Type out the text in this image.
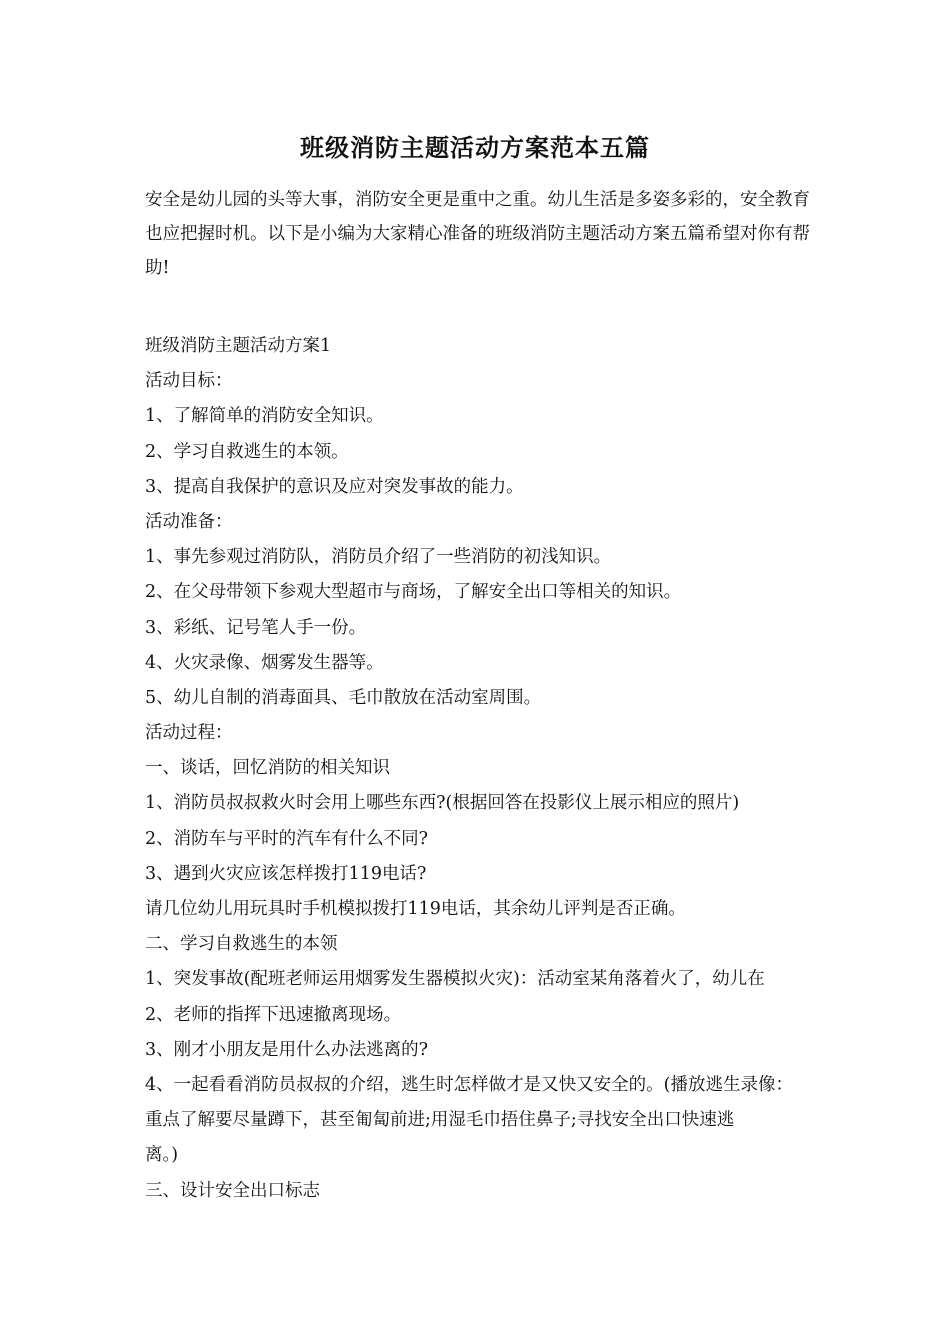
班级消防主题活动方案范本五篇
安全是幼儿园的头等大事，消防安全更是重中之重。幼儿生活是多姿多彩的，安全教育也应把握时机。以下是小编为大家精心准备的班级消防主题活动方案五篇希望对你有帮助!
班级消防主题活动方案1
活动目标：
1、了解简单的消防安全知识。
2、学习自救逃生的本领。
3、提高自我保护的意识及应对突发事故的能力。
活动准备：
1、事先参观过消防队，消防员介绍了一些消防的初浅知识。
2、在父母带领下参观大型超市与商场，了解安全出口等相关的知识。
3、彩纸、记号笔人手一份。
4、火灾录像、烟雾发生器等。
5、幼儿自制的消毒面具、毛巾散放在活动室周围。
活动过程：
一、谈话，回忆消防的相关知识
1、消防员叔叔救火时会用上哪些东西?(根据回答在投影仪上展示相应的照片)
2、消防车与平时的汽车有什么不同?
3、遇到火灾应该怎样拨打119电话?
请几位幼儿用玩具时手机模拟拨打119电话，其余幼儿评判是否正确。
二、学习自救逃生的本领
1、突发事故(配班老师运用烟雾发生器模拟火灾)：活动室某角落着火了，幼儿在
2、老师的指挥下迅速撤离现场。
3、刚才小朋友是用什么办法逃离的?
4、一起看看消防员叔叔的介绍，逃生时怎样做才是又快又安全的。(播放逃生录像：
重点了解要尽量蹲下，甚至匍匐前进;用湿毛巾捂住鼻子;寻找安全出口快速逃
离。)
三、设计安全出口标志
